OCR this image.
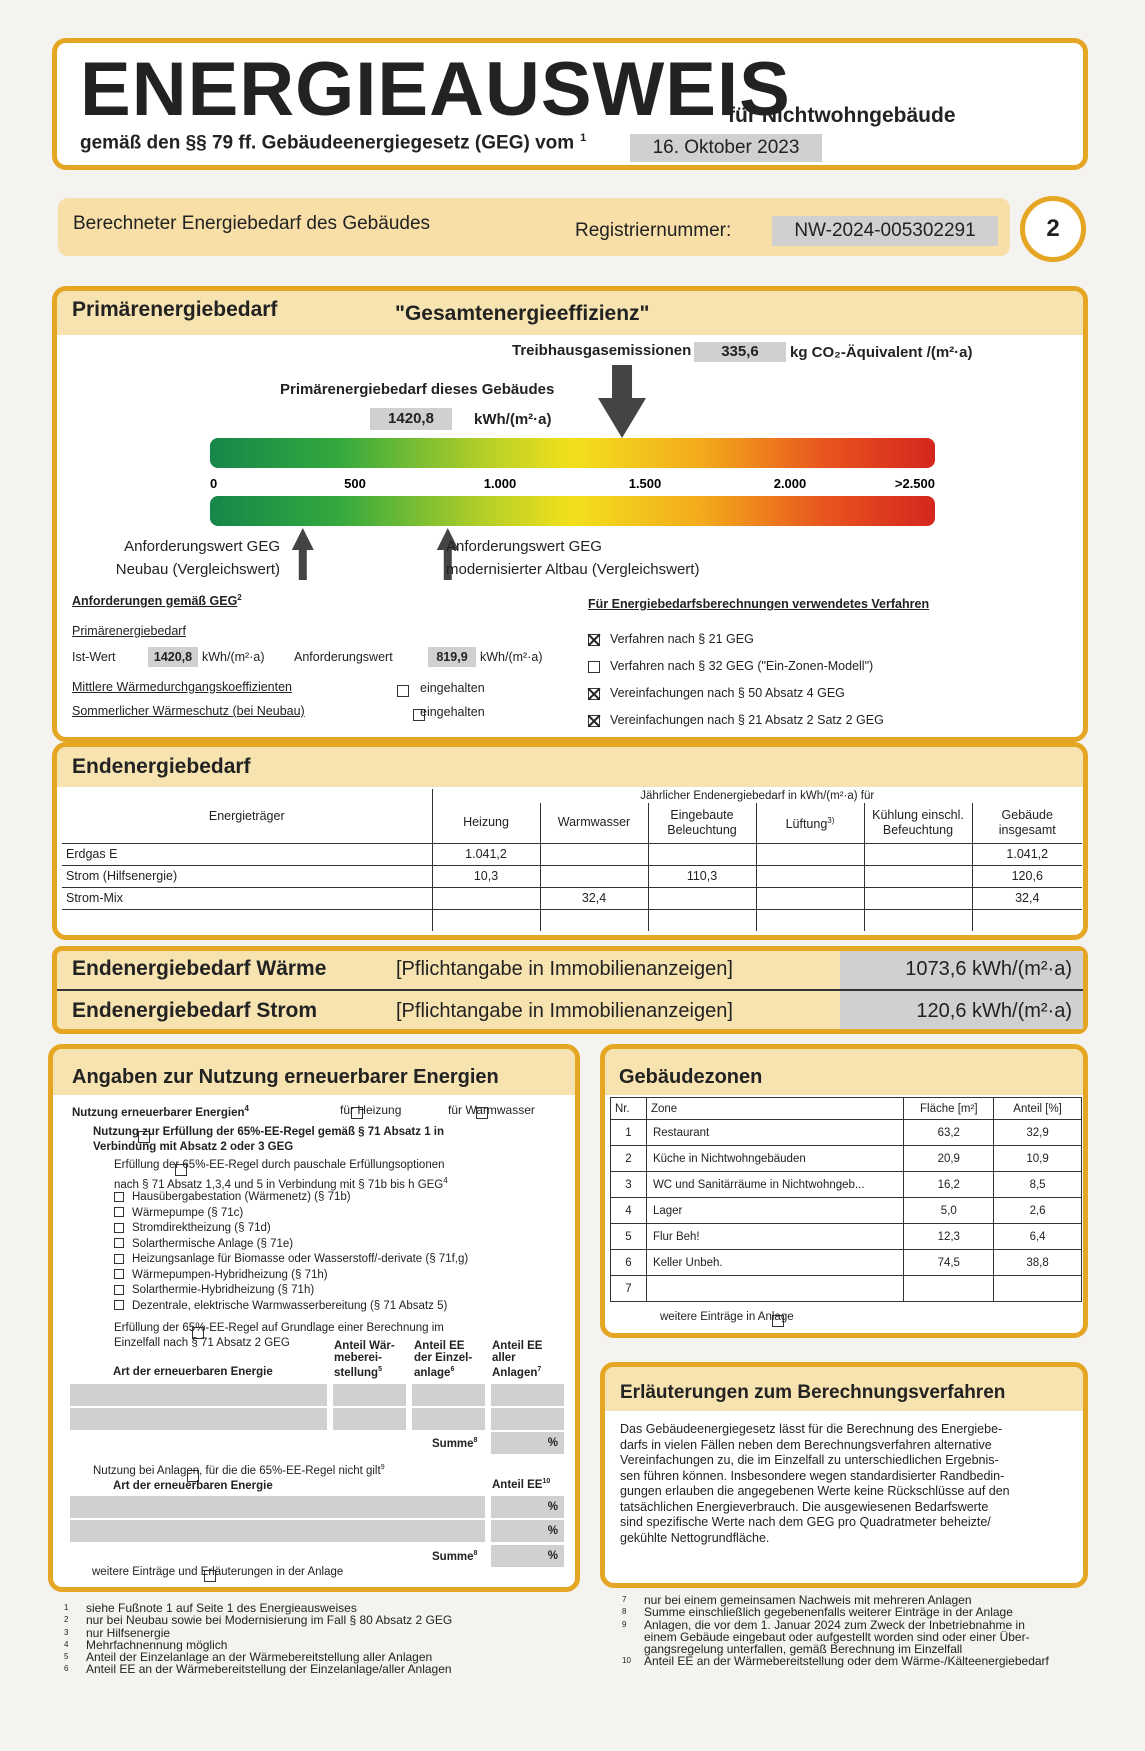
ENERGIEAUSWEIS
für Nichtwohngebäude
gemäß den §§ 79 ff. Gebäudeenergiegesetz (GEG) vom $^1$	16. Oktober 2023
Berechneter Energiebedarf des Gebäudes	Registriernummer:	NW-2024-005302291	2
Primärenergiebedarf	"Gesamtenergieeffizienz"
Treibhausgasemissionen	335,6	kg CO₂-Äquivalent /(m²·a)
Primärenergiebedarf dieses Gebäudes
1420,8	kWh/(m²·a)
0	500	1.000	1.500	2.000	>2.500
Anforderungswert GEG
Neubau (Vergleichswert)
Anforderungswert GEG
modernisierter Altbau (Vergleichswert)
Anforderungen gemäß GEG$^2$
Primärenergiebedarf
Ist-Wert	1420,8 kWh/(m²·a) Anforderungswert	819,9 kWh/(m²·a)
Mittlere Wärmedurchgangskoeffizienten
	eingehalten
Sommerlicher Wärmeschutz (bei Neubau)
	eingehalten
Für Energiebedarfsberechnungen verwendetes Verfahren
Verfahren nach § 21 GEG
Verfahren nach § 32 GEG ("Ein-Zonen-Modell")
Vereinfachungen nach § 50 Absatz 4 GEG
Vereinfachungen nach § 21 Absatz 2 Satz 2 GEG
Endenergiebedarf
Energieträger	Jährlicher Endenergiebedarf in kWh/(m²·a) für					
	Heizung	Warmwasser	Eingebaute Beleuchtung	Lüftung$^{3)}$	Kühlung einschl. Befeuchtung	Gebäude insgesamt
Erdgas E	1.041,2					1.041,2
Strom (Hilfsenergie)	10,3		110,3			120,6
Strom-Mix		32,4				32,4

Endenergiebedarf Wärme	[Pflichtangabe in Immobilienanzeigen]	1073,6 kWh/(m²·a)
Endenergiebedarf Strom	[Pflichtangabe in Immobilienanzeigen]	120,6 kWh/(m²·a)
Angaben zur Nutzung erneuerbarer Energien
Nutzung erneuerbarer Energien$^4$
	für Heizung
	für Warmwasser

Nutzung zur Erfüllung der 65%-EE-Regel gemäß § 71 Absatz 1 in
Verbindung mit Absatz 2 oder 3 GEG

Erfüllung der 65%-EE-Regel durch pauschale Erfüllungsoptionen
nach § 71 Absatz 1,3,4 und 5 in Verbindung mit § 71b bis h GEG$^4$
Hausübergabestation (Wärmenetz) (§ 71b)
Wärmepumpe (§ 71c)
Stromdirektheizung (§ 71d)
Solarthermische Anlage (§ 71e)
Heizungsanlage für Biomasse oder Wasserstoff/-derivate (§ 71f,g)
Wärmepumpen-Hybridheizung (§ 71h)
Solarthermie-Hybridheizung (§ 71h)
Dezentrale, elektrische Warmwasserbereitung (§ 71 Absatz 5)

Erfüllung der 65%-EE-Regel auf Grundlage einer Berechnung im
Einzelfall nach § 71 Absatz 2 GEG
Art der erneuerbaren Energie
Anteil Wär- meberei- stellung$^5$
Anteil EE der Einzel- anlage$^6$
Anteil EE aller Anlagen$^7$
Summe$^8$	%

Nutzung bei Anlagen, für die die 65%-EE-Regel nicht gilt$^9$
Art der erneuerbaren Energie	Anteil EE$^{10}$
%
%
Summe$^8$	%

weitere Einträge und Erläuterungen in der Anlage
Gebäudezonen
Nr.	Zone	Fläche [m²]	Anteil [%]
1	Restaurant	63,2	32,9
2	Küche in Nichtwohngebäuden	20,9	10,9
3	WC und Sanitärräume in Nichtwohngeb...	16,2	8,5
4	Lager	5,0	2,6
5	Flur Beh!	12,3	6,4
6	Keller Unbeh.	74,5	38,8
7			
weitere Einträge in Anlage
Erläuterungen zum Berechnungsverfahren
Das Gebäudeenergiegesetz lässt für die Berechnung des Energiebe-
darfs in vielen Fällen neben dem Berechnungsverfahren alternative
Vereinfachungen zu, die im Einzelfall zu unterschiedlichen Ergebnis-
sen führen können. Insbesondere wegen standardisierter Randbedin-
gungen erlauben die angegebenen Werte keine Rückschlüsse auf den
tatsächlichen Energieverbrauch. Die ausgewiesenen Bedarfswerte
sind spezifische Werte nach dem GEG pro Quadratmeter beheizte/
gekühlte Nettogrundfläche.
1 siehe Fußnote 1 auf Seite 1 des Energieausweises
2 nur bei Neubau sowie bei Modernisierung im Fall § 80 Absatz 2 GEG
3 nur Hilfsenergie
4 Mehrfachnennung möglich
5 Anteil der Einzelanlage an der Wärmebereitstellung aller Anlagen
6 Anteil EE an der Wärmebereitstellung der Einzelanlage/aller Anlagen
7 nur bei einem gemeinsamen Nachweis mit mehreren Anlagen
8 Summe einschließlich gegebenenfalls weiterer Einträge in der Anlage
9 Anlagen, die vor dem 1. Januar 2024 zum Zweck der Inbetriebnahme in
einem Gebäude eingebaut oder aufgestellt worden sind oder einer Über-
gangsregelung unterfallen, gemäß Berechnung im Einzelfall
10 Anteil EE an der Wärmebereitstellung oder dem Wärme-/Kälteenergiebedarf
